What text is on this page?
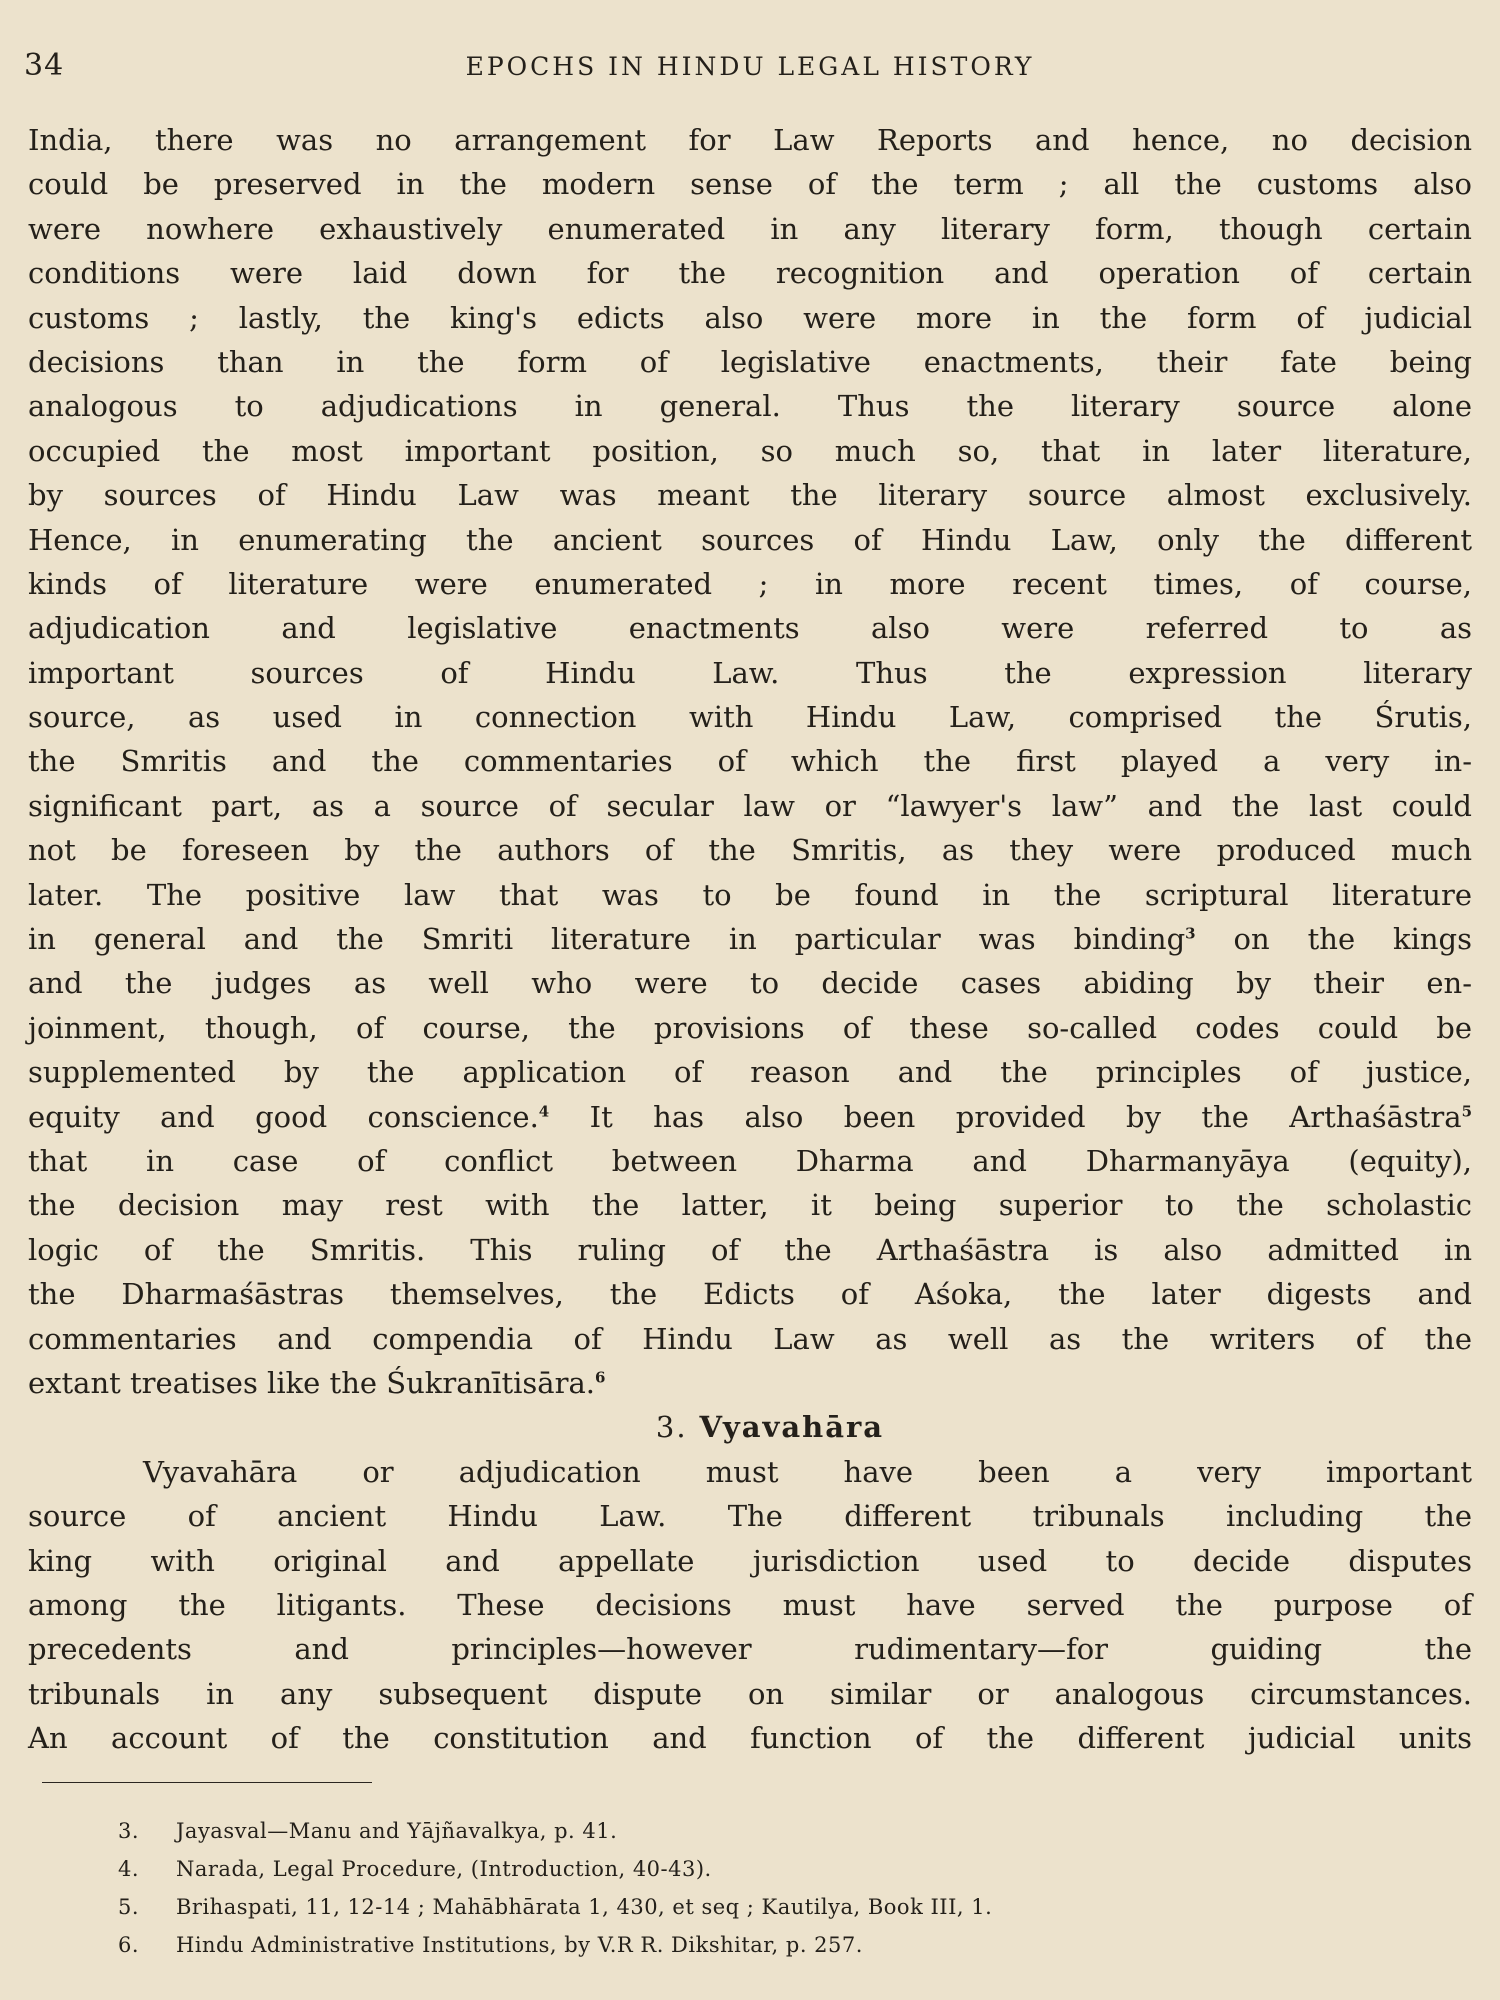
34	EPOCHS IN HINDU LEGAL HISTORY
India, there was no arrangement for Law Reports and hence, no decision
could be preserved in the modern sense of the term ; all the customs also
were nowhere exhaustively enumerated in any literary form, though certain
conditions were laid down for the recognition and operation of certain
customs ; lastly, the king's edicts also were more in the form of judicial
decisions than in the form of legislative enactments, their fate being
analogous to adjudications in general. Thus the literary source alone
occupied the most important position, so much so, that in later literature,
by sources of Hindu Law was meant the literary source almost exclusively.
Hence, in enumerating the ancient sources of Hindu Law, only the different
kinds of literature were enumerated ; in more recent times, of course,
adjudication and legislative enactments also were referred to as
important sources of Hindu Law. Thus the expression literary
source, as used in connection with Hindu Law, comprised the Śrutis,
the Smritis and the commentaries of which the first played a very in-
significant part, as a source of secular law or “lawyer's law” and the last could
not be foreseen by the authors of the Smritis, as they were produced much
later. The positive law that was to be found in the scriptural literature
in general and the Smriti literature in particular was binding$^3$ on the kings
and the judges as well who were to decide cases abiding by their en-
joinment, though, of course, the provisions of these so-called codes could be
supplemented by the application of reason and the principles of justice,
equity and good conscience.$^4$ It has also been provided by the Arthaśāstra$^5$
that in case of conflict between Dharma and Dharmanyāya (equity),
the decision may rest with the latter, it being superior to the scholastic
logic of the Smritis. This ruling of the Arthaśāstra is also admitted in
the Dharmaśāstras themselves, the Edicts of Aśoka, the later digests and
commentaries and compendia of Hindu Law as well as the writers of the
extant treatises like the Śukranītisāra.$^6$
3. Vyavahāra
Vyavahāra or adjudication must have been a very important
source of ancient Hindu Law. The different tribunals including the
king with original and appellate jurisdiction used to decide disputes
among the litigants. These decisions must have served the purpose of
precedents and principles—however rudimentary—for guiding the
tribunals in any subsequent dispute on similar or analogous circumstances.
An account of the constitution and function of the different judicial units
3. Jayasval—Manu and Yājñavalkya, p. 41.
4. Narada, Legal Procedure, (Introduction, 40-43).
5. Brihaspati, 11, 12-14 ; Mahābhārata 1, 430, et seq ; Kautilya, Book III, 1.
6. Hindu Administrative Institutions, by V.R R. Dikshitar, p. 257.
